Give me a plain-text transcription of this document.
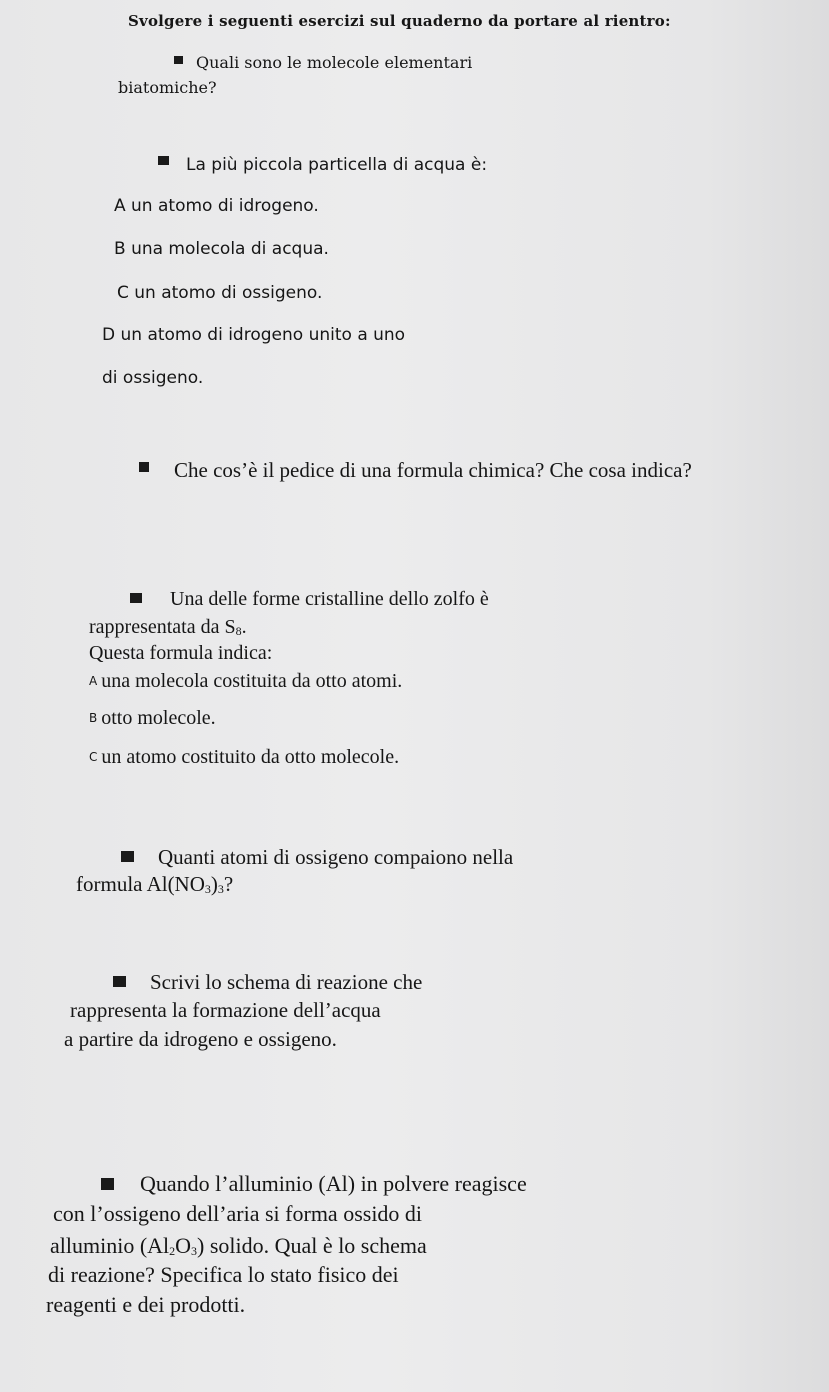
Svolgere i seguenti esercizi sul quaderno da portare al rientro:
Quali sono le molecole elementari
biatomiche?
La più piccola particella di acqua è:
A un atomo di idrogeno.
B una molecola di acqua.
C un atomo di ossigeno.
D un atomo di idrogeno unito a uno
di ossigeno.
Che cos’è il pedice di una formula chimica? Che cosa indica?
Una delle forme cristalline dello zolfo è
rappresentata da $S_8$.
Questa formula indica:
A una molecola costituita da otto atomi.
B otto molecole.
C un atomo costituito da otto molecole.
Quanti atomi di ossigeno compaiono nella
formula $Al(NO_3)_3$?
Scrivi lo schema di reazione che
rappresenta la formazione dell’acqua
a partire da idrogeno e ossigeno.
Quando l’alluminio (Al) in polvere reagisce
con l’ossigeno dell’aria si forma ossido di
alluminio $(Al_2O_3)$ solido. Qual è lo schema
di reazione? Specifica lo stato fisico dei
reagenti e dei prodotti.
